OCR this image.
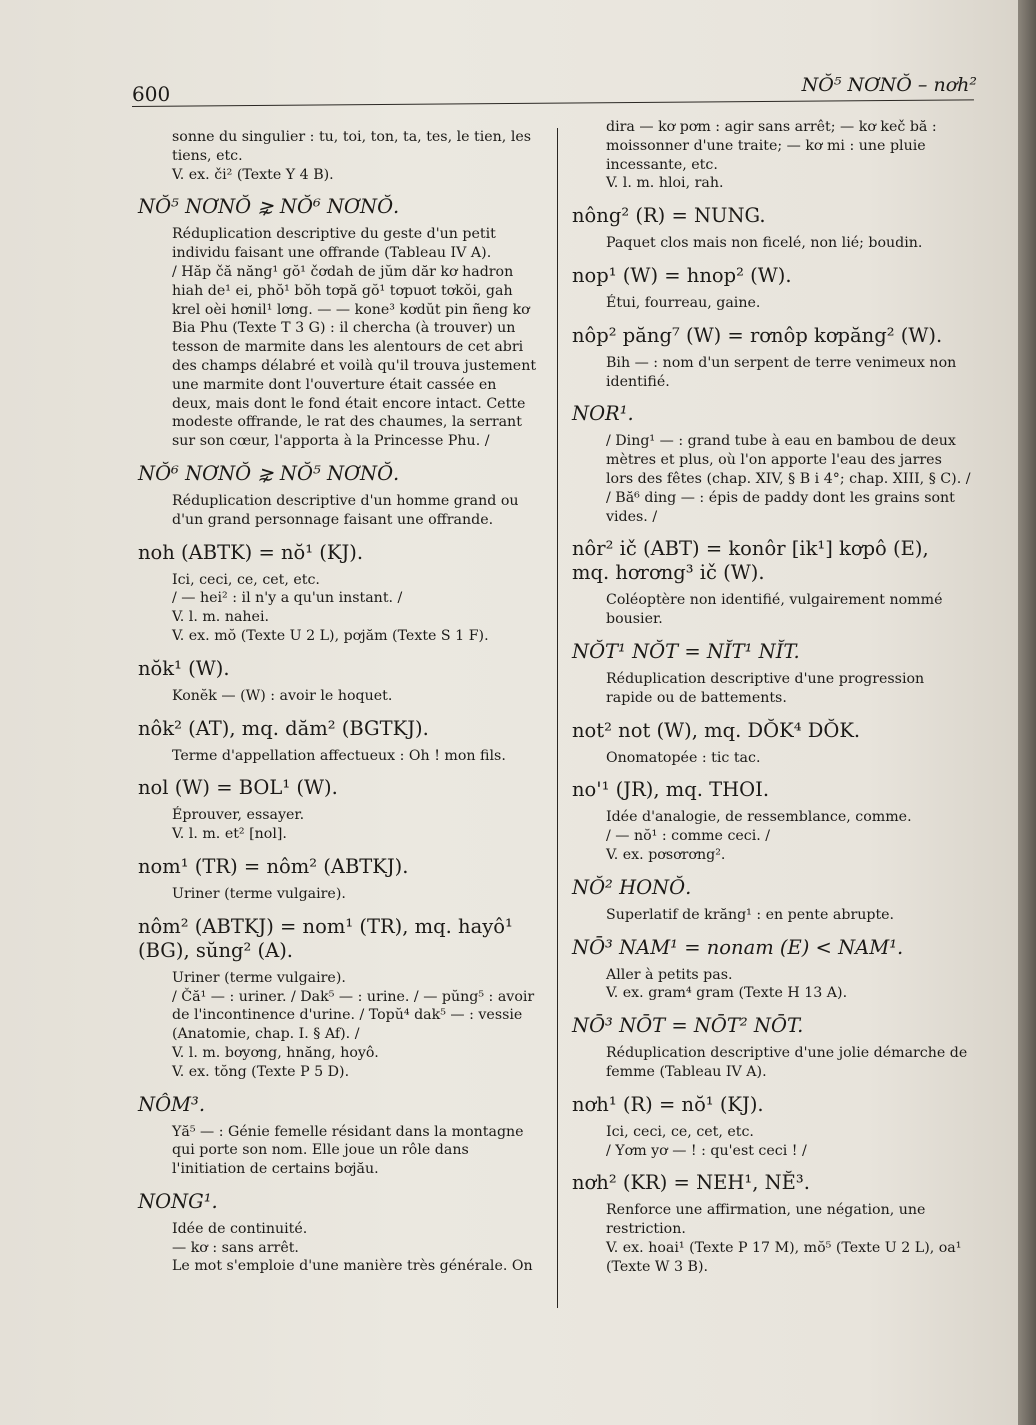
600	NŎ⁵ NƠNŎ – nơh²
sonne du singulier : tu, toi, ton, ta, tes, le tien, les tiens, etc.
V. ex. či² (Texte Y 4 B).
NŎ⁵ NƠNŎ ⋧ NŎ⁶ NƠNŎ.
Réduplication descriptive du geste d'un petit individu faisant une offrande (Tableau IV A).
/ Hăp čă năng¹ gŏ¹ čơdah de jŭm dăr kơ hadron hiah de¹ ei, phŏ¹ bŏh tơpă gŏ¹ tơpuơt tơkŏi, gah krel oèi hơnil¹ lơng. — — kone³ kơdŭt pin ñeng kơ Bia Phu (Texte T 3 G) : il chercha (à trouver) un tesson de marmite dans les alentours de cet abri des champs délabré et voilà qu'il trouva justement une marmite dont l'ouverture était cassée en deux, mais dont le fond était encore intact. Cette modeste offrande, le rat des chaumes, la serrant sur son cœur, l'apporta à la Princesse Phu. /
NŎ⁶ NƠNŎ ⋧ NŎ⁵ NƠNŎ.
Réduplication descriptive d'un homme grand ou d'un grand personnage faisant une offrande.
noh (ABTK) = nŏ¹ (KJ).
Ici, ceci, ce, cet, etc.
/ — hei² : il n'y a qu'un instant. /
V. l. m. nahei.
V. ex. mŏ (Texte U 2 L), pơjăm (Texte S 1 F).
nŏk¹ (W).
Konĕk — (W) : avoir le hoquet.
nôk² (AT), mq. dăm² (BGTKJ).
Terme d'appellation affectueux : Oh ! mon fils.
nol (W) = BOL¹ (W).
Éprouver, essayer.
V. l. m. et² [nol].
nom¹ (TR) = nôm² (ABTKJ).
Uriner (terme vulgaire).
nôm² (ABTKJ) = nom¹ (TR), mq. hayô¹ (BG), sŭng² (A).
Uriner (terme vulgaire).
/ Čă¹ — : uriner. / Dak⁵ — : urine. / — pŭng⁵ : avoir de l'incontinence d'urine. / Topŭ⁴ dak⁵ — : vessie (Anatomie, chap. I. § Af). /
V. l. m. bơyơng, hnăng, hoyô.
V. ex. tŏng (Texte P 5 D).
NÔM³.
Yă⁵ — : Génie femelle résidant dans la montagne qui porte son nom. Elle joue un rôle dans l'initiation de certains bơjău.
NONG¹.
Idée de continuité.
— kơ : sans arrêt.
Le mot s'emploie d'une manière très générale. On
dira — kơ pơm : agir sans arrêt; — kơ keč bă : moissonner d'une traite; — kơ mi : une pluie incessante, etc.
V. l. m. hloi, rah.
nông² (R) = NUNG.
Paquet clos mais non ficelé, non lié; boudin.
nop¹ (W) = hnop² (W).
Étui, fourreau, gaine.
nôp² păng⁷ (W) = rơnôp kơpăng² (W).
Bih — : nom d'un serpent de terre venimeux non identifié.
NOR¹.
/ Ding¹ — : grand tube à eau en bambou de deux mètres et plus, où l'on apporte l'eau des jarres lors des fêtes (chap. XIV, § B i 4°; chap. XIII, § C). /
/ Bă⁶ ding — : épis de paddy dont les grains sont vides. /
nôr² ič (ABT) = konôr [ik¹] kơpô (E), mq. hơrơng³ ič (W).
Coléoptère non identifié, vulgairement nommé bousier.
NŎT¹ NŎT = NĬT¹ NĬT.
Réduplication descriptive d'une progression rapide ou de battements.
not² not (W), mq. DŎK⁴ DŎK.
Onomatopée : tic tac.
no'¹ (JR), mq. THOI.
Idée d'analogie, de ressemblance, comme.
/ — nŏ¹ : comme ceci. /
V. ex. pơsơrơng².
NŎ² HONŎ.
Superlatif de krăng¹ : en pente abrupte.
NŌ³ NAM¹ = nonam (E) < NAM¹.
Aller à petits pas.
V. ex. gram⁴ gram (Texte H 13 A).
NŌ³ NŌT = NŌT² NŌT.
Réduplication descriptive d'une jolie démarche de femme (Tableau IV A).
nơh¹ (R) = nŏ¹ (KJ).
Ici, ceci, ce, cet, etc.
/ Yơm yơ — ! : qu'est ceci ! /
nơh² (KR) = NEH¹, NĔ³.
Renforce une affirmation, une négation, une restriction.
V. ex. hoai¹ (Texte P 17 M), mŏ⁵ (Texte U 2 L), oa¹ (Texte W 3 B).
